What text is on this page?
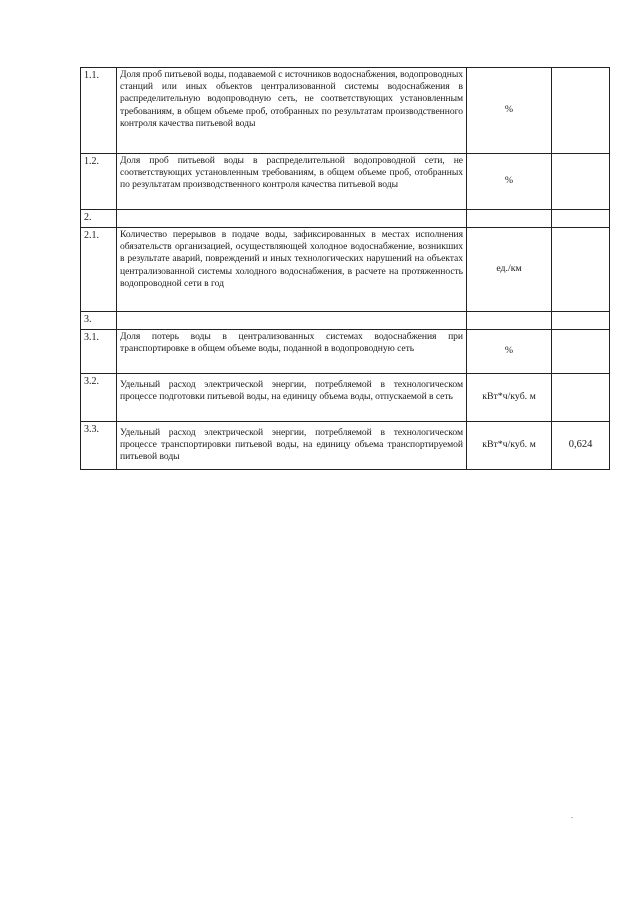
1.1.	Доля проб питьевой воды, подаваемой с источников водоснабжения, водопроводных станций или иных объектов централизованной системы водоснабжения в распределительную водопроводную сеть, не соответствующих установленным требованиям, в общем объеме проб, отобранных по результатам производственного контроля качества питьевой воды	%	
1.2.	Доля проб питьевой воды в распределительной водопроводной сети, не соответствующих установленным требованиям, в общем объеме проб, отобранных по результатам производственного контроля качества питьевой воды	%	
2.			
2.1.	Количество перерывов в подаче воды, зафиксированных в местах исполнения обязательств организацией, осуществляющей холодное водоснабжение, возникших в результате аварий, повреждений и иных технологических нарушений на объектах централизованной системы холодного водоснабжения, в расчете на протяженность водопроводной сети в год	ед./км	
3.			
3.1.	Доля потерь воды в централизованных системах водоснабжения при транспортировке в общем объеме воды, поданной в водопроводную сеть	%	
3.2.	Удельный расход электрической энергии, потребляемой в технологическом процессе подготовки питьевой воды, на единицу объема воды, отпускаемой в сеть	кВт*ч/куб. м	
3.3.	Удельный расход электрической энергии, потребляемой в технологическом процессе транспортировки питьевой воды, на единицу объема транспортируемой питьевой воды	кВт*ч/куб. м	0,624
